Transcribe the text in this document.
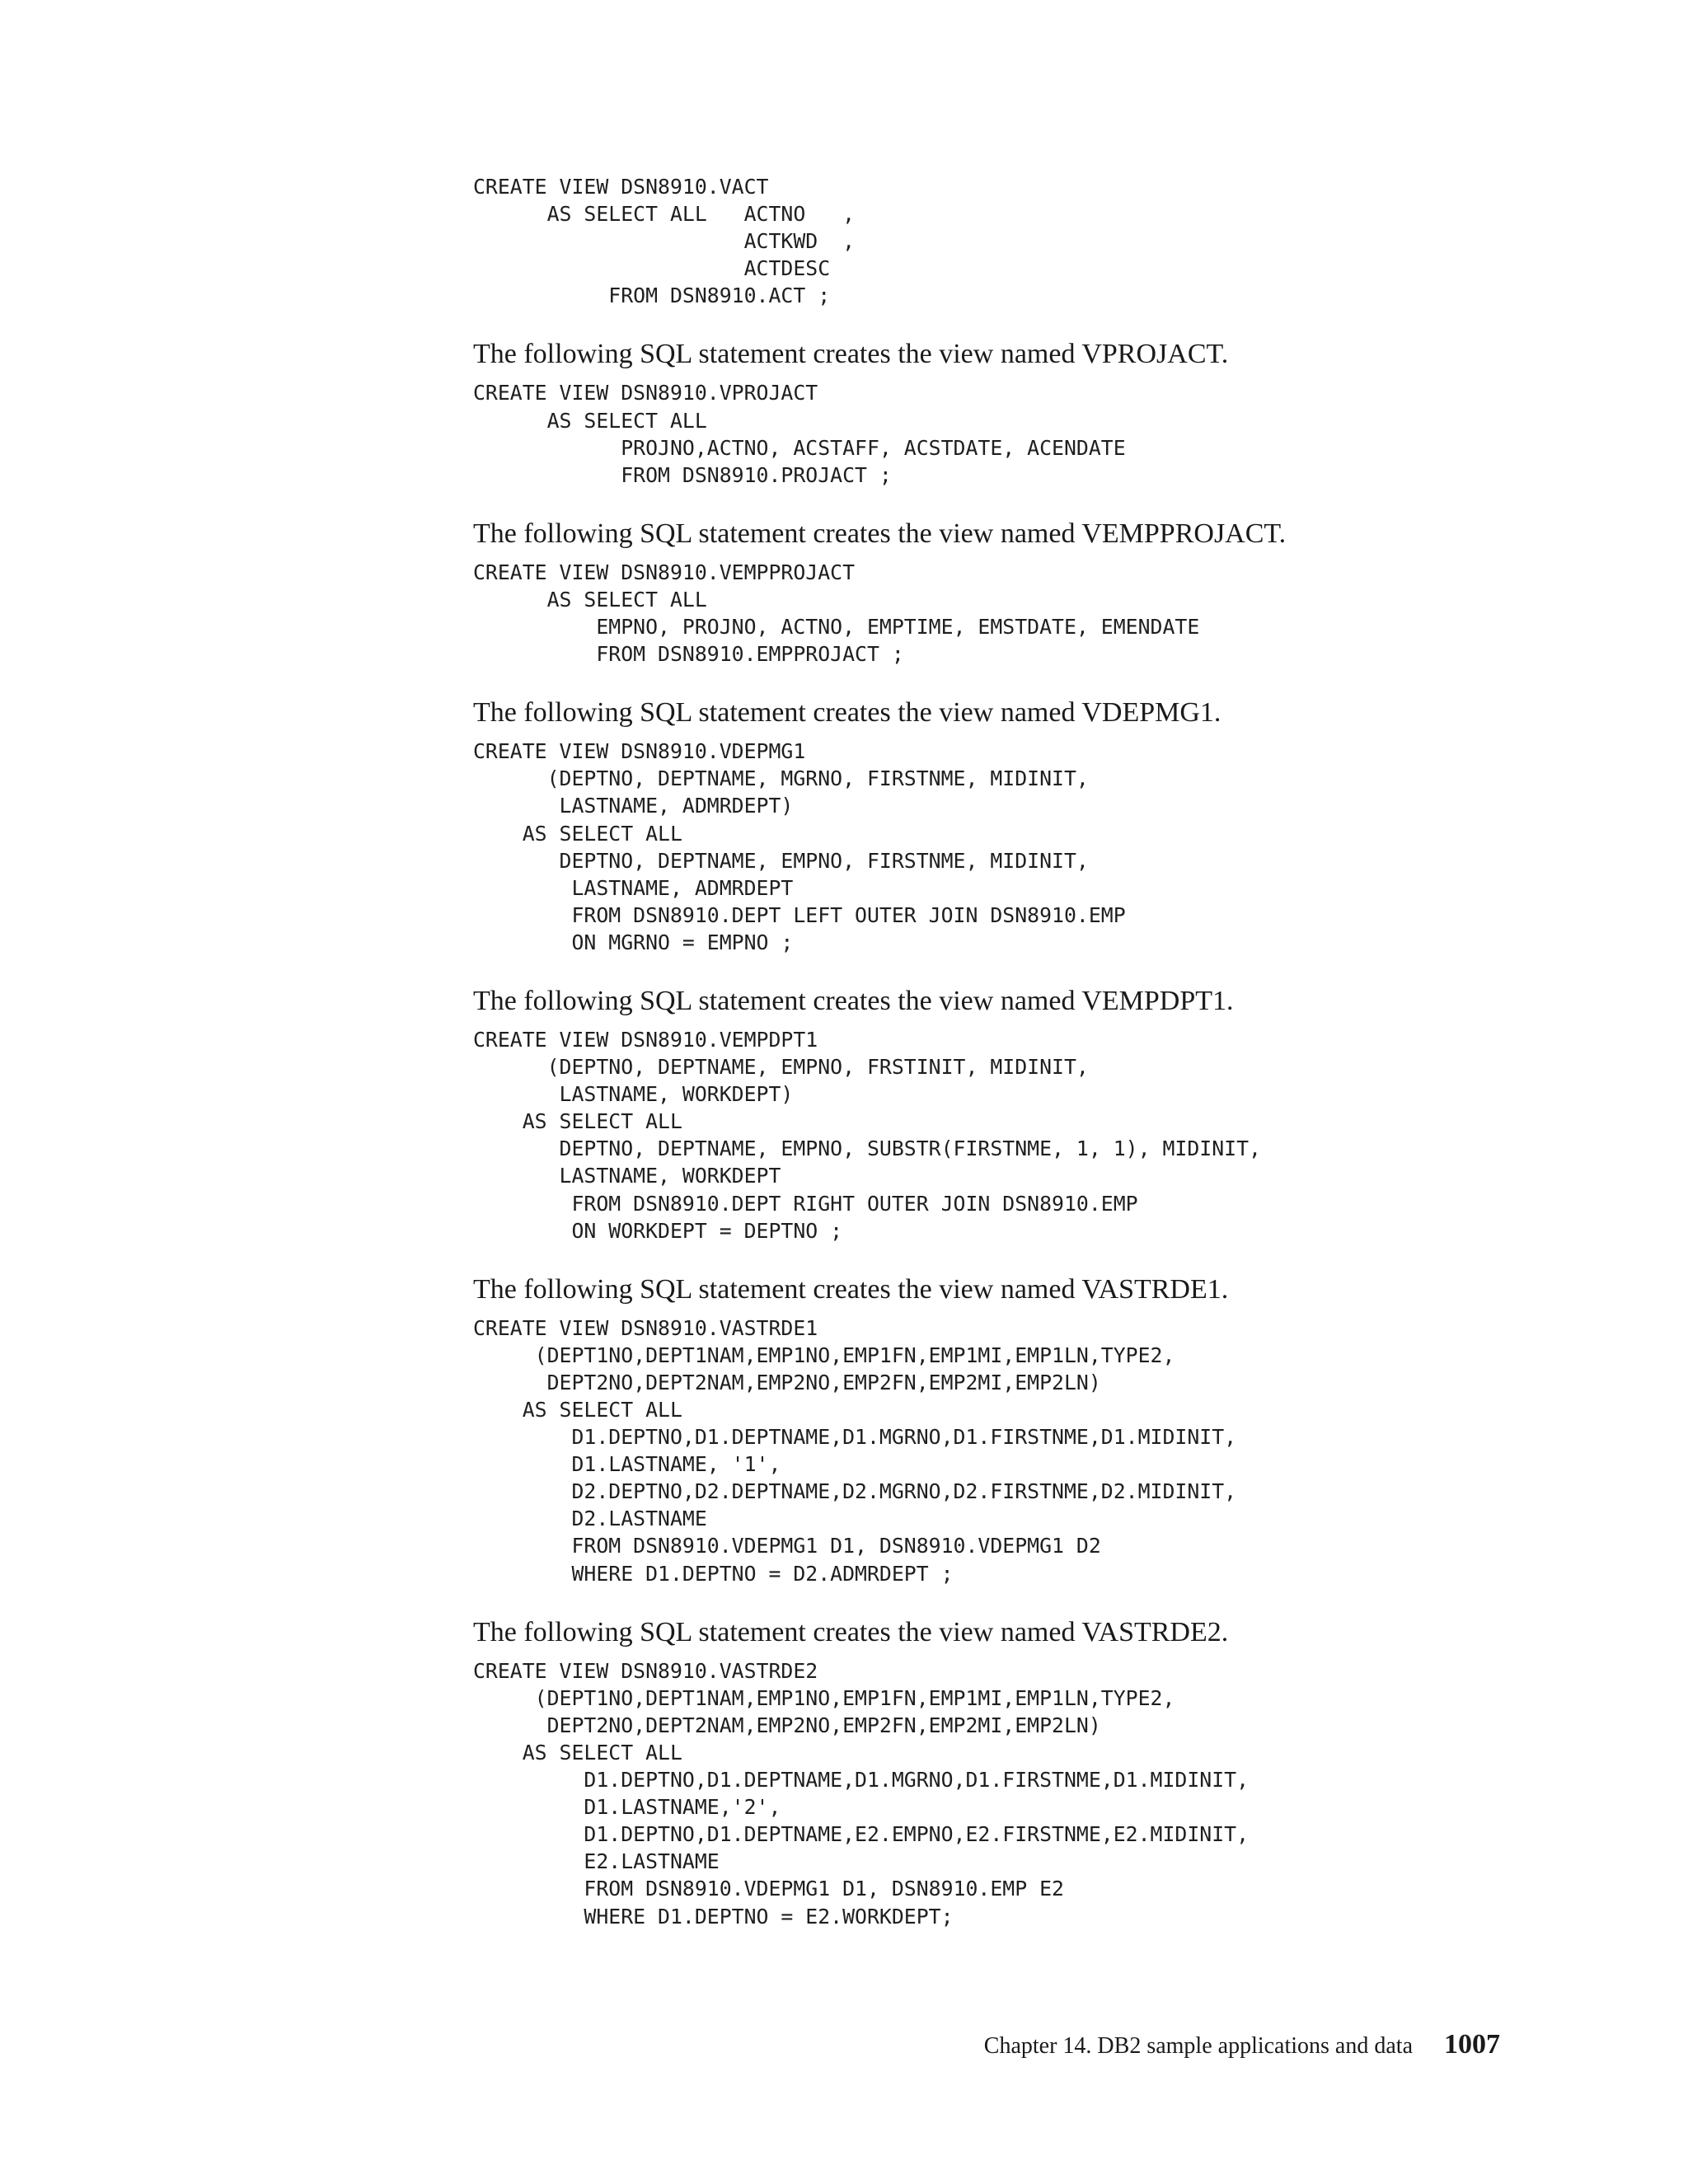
CREATE VIEW DSN8910.VACT
AS SELECT ALL   ACTNO   ,
ACTKWD  ,
ACTDESC
FROM DSN8910.ACT ;

The following SQL statement creates the view named VPROJACT.

CREATE VIEW DSN8910.VPROJACT
AS SELECT ALL
PROJNO,ACTNO, ACSTAFF, ACSTDATE, ACENDATE
FROM DSN8910.PROJACT ;

The following SQL statement creates the view named VEMPPROJACT.

CREATE VIEW DSN8910.VEMPPROJACT
AS SELECT ALL
EMPNO, PROJNO, ACTNO, EMPTIME, EMSTDATE, EMENDATE
FROM DSN8910.EMPPROJACT ;

The following SQL statement creates the view named VDEPMG1.

CREATE VIEW DSN8910.VDEPMG1
(DEPTNO, DEPTNAME, MGRNO, FIRSTNME, MIDINIT,
LASTNAME, ADMRDEPT)
AS SELECT ALL
DEPTNO, DEPTNAME, EMPNO, FIRSTNME, MIDINIT,
LASTNAME, ADMRDEPT
FROM DSN8910.DEPT LEFT OUTER JOIN DSN8910.EMP
ON MGRNO = EMPNO ;

The following SQL statement creates the view named VEMPDPT1.

CREATE VIEW DSN8910.VEMPDPT1
(DEPTNO, DEPTNAME, EMPNO, FRSTINIT, MIDINIT,
LASTNAME, WORKDEPT)
AS SELECT ALL
DEPTNO, DEPTNAME, EMPNO, SUBSTR(FIRSTNME, 1, 1), MIDINIT,
LASTNAME, WORKDEPT
FROM DSN8910.DEPT RIGHT OUTER JOIN DSN8910.EMP
ON WORKDEPT = DEPTNO ;

The following SQL statement creates the view named VASTRDE1.

CREATE VIEW DSN8910.VASTRDE1
(DEPT1NO,DEPT1NAM,EMP1NO,EMP1FN,EMP1MI,EMP1LN,TYPE2,
DEPT2NO,DEPT2NAM,EMP2NO,EMP2FN,EMP2MI,EMP2LN)
AS SELECT ALL
D1.DEPTNO,D1.DEPTNAME,D1.MGRNO,D1.FIRSTNME,D1.MIDINIT,
D1.LASTNAME, '1',
D2.DEPTNO,D2.DEPTNAME,D2.MGRNO,D2.FIRSTNME,D2.MIDINIT,
D2.LASTNAME
FROM DSN8910.VDEPMG1 D1, DSN8910.VDEPMG1 D2
WHERE D1.DEPTNO = D2.ADMRDEPT ;

The following SQL statement creates the view named VASTRDE2.

CREATE VIEW DSN8910.VASTRDE2
(DEPT1NO,DEPT1NAM,EMP1NO,EMP1FN,EMP1MI,EMP1LN,TYPE2,
DEPT2NO,DEPT2NAM,EMP2NO,EMP2FN,EMP2MI,EMP2LN)
AS SELECT ALL
D1.DEPTNO,D1.DEPTNAME,D1.MGRNO,D1.FIRSTNME,D1.MIDINIT,
D1.LASTNAME,'2',
D1.DEPTNO,D1.DEPTNAME,E2.EMPNO,E2.FIRSTNME,E2.MIDINIT,
E2.LASTNAME
FROM DSN8910.VDEPMG1 D1, DSN8910.EMP E2
WHERE D1.DEPTNO = E2.WORKDEPT;
Chapter 14. DB2 sample applications and data 1007
